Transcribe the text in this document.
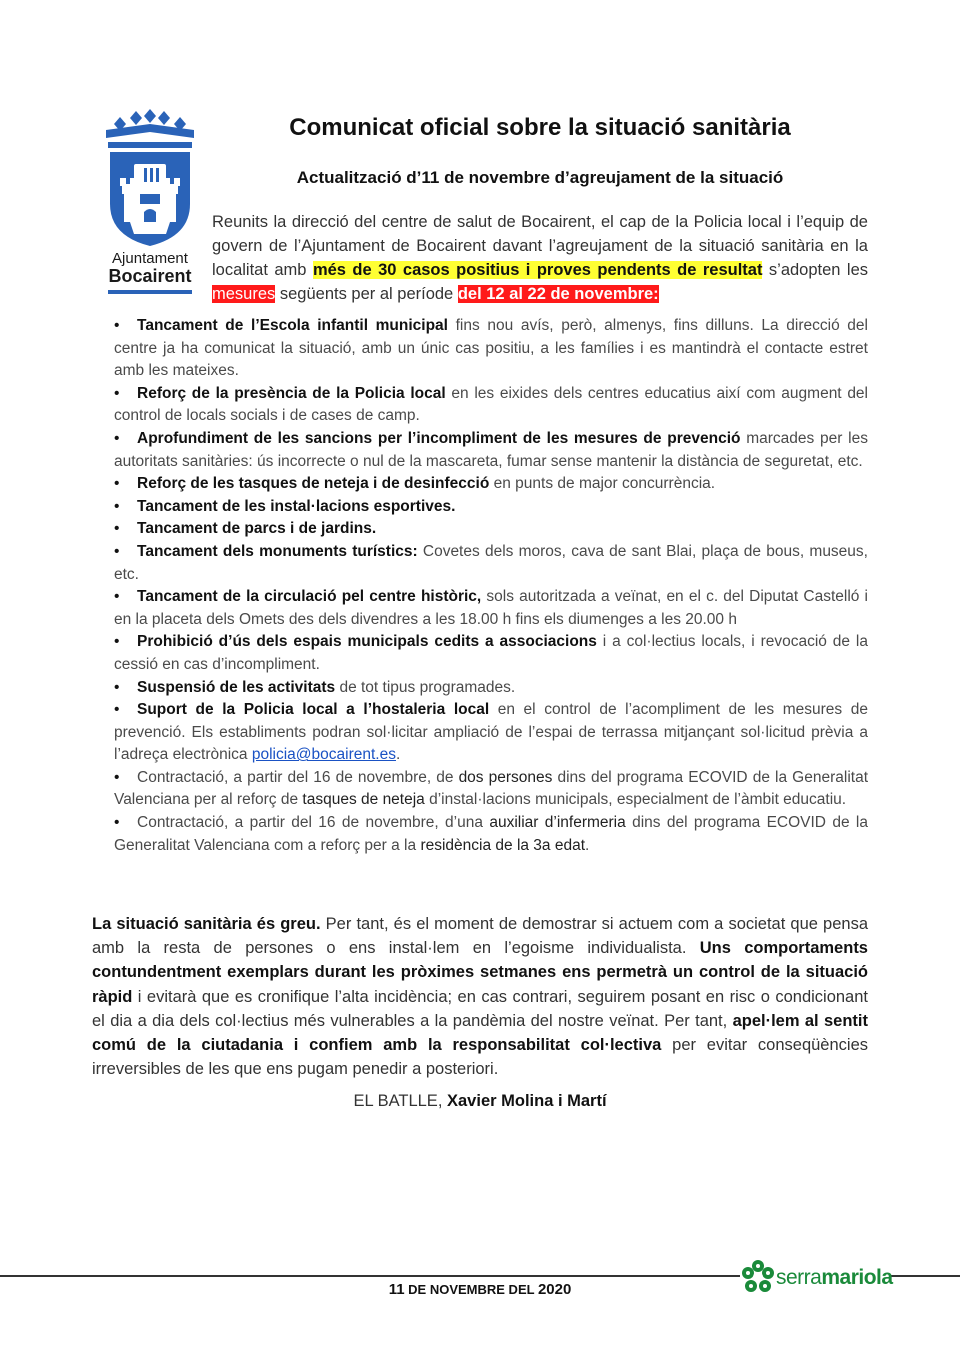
Ajuntament
Bocairent
Comunicat oficial sobre la situació sanitària
Actualització d’11 de novembre d’agreujament de la situació

Reunits la direcció del centre de salut de Bocairent, el cap de la Policia local i l’equip de govern de l’Ajuntament de Bocairent davant l’agreujament de la situació sanitària en la localitat amb més de 30 casos positius i proves pendents de resultat s’adopten les mesures següents per al període del 12 al 22 de novembre:

• Tancament de l’Escola infantil municipal fins nou avís, però, almenys, fins dilluns. La direcció del centre ja ha comunicat la situació, amb un únic cas positiu, a les famílies i es mantindrà el contacte estret amb les mateixes.
• Reforç de la presència de la Policia local en les eixides dels centres educatius així com augment del control de locals socials i de cases de camp.
• Aprofundiment de les sancions per l’incompliment de les mesures de prevenció marcades per les autoritats sanitàries: ús incorrecte o nul de la mascareta, fumar sense mantenir la distància de seguretat, etc.
• Reforç de les tasques de neteja i de desinfecció en punts de major concurrència.
• Tancament de les instal·lacions esportives.
• Tancament de parcs i de jardins.
• Tancament dels monuments turístics: Covetes dels moros, cava de sant Blai, plaça de bous, museus, etc.
• Tancament de la circulació pel centre històric, sols autoritzada a veïnat, en el c. del Diputat Castelló i en la placeta dels Omets des dels divendres a les 18.00 h fins els diumenges a les 20.00 h
• Prohibició d’ús dels espais municipals cedits a associacions i a col·lectius locals, i revocació de la cessió en cas d’incompliment.
• Suspensió de les activitats de tot tipus programades.
• Suport de la Policia local a l’hostaleria local en el control de l’acompliment de les mesures de prevenció. Els establiments podran sol·licitar ampliació de l’espai de terrassa mitjançant sol·licitud prèvia a l’adreça electrònica policia@bocairent.es.
• Contractació, a partir del 16 de novembre, de dos persones dins del programa ECOVID de la Generalitat Valenciana per al reforç de tasques de neteja d’instal·lacions municipals, especialment de l’àmbit educatiu.
• Contractació, a partir del 16 de novembre, d’una auxiliar d’infermeria dins del programa ECOVID de la Generalitat Valenciana com a reforç per a la residència de la 3a edat.

La situació sanitària és greu. Per tant, és el moment de demostrar si actuem com a societat que pensa amb la resta de persones o ens instal·lem en l’egoisme individualista. Uns comportaments contundentment exemplars durant les pròximes setmanes ens permetrà un control de la situació ràpid i evitarà que es cronifique l’alta incidència; en cas contrari, seguirem posant en risc o condicionant el dia a dia dels col·lectius més vulnerables a la pandèmia del nostre veïnat. Per tant, apel·lem al sentit comú de la ciutadania i confiem amb la responsabilitat col·lectiva per evitar conseqüències irreversibles de les que ens pugam penedir a posteriori.

EL BATLLE, Xavier Molina i Martí
11 DE NOVEMBRE DEL 2020
serramariola
